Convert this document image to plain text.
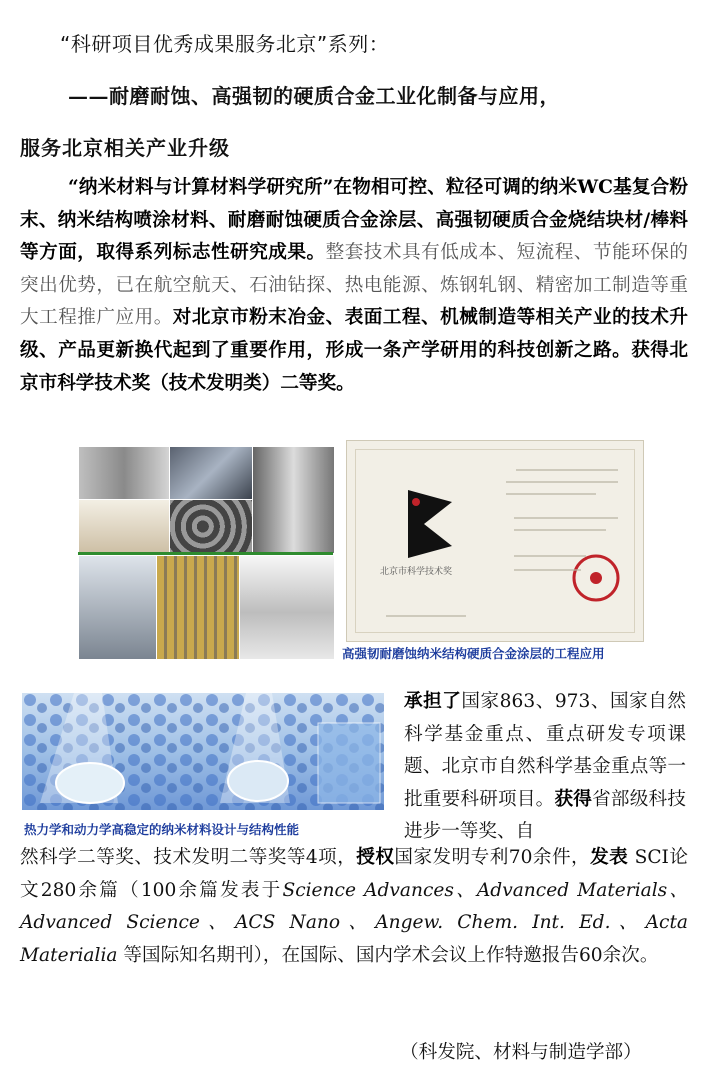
“科研项目优秀成果服务北京”系列：
——耐磨耐蚀、高强韧的硬质合金工业化制备与应用，
服务北京相关产业升级
“纳米材料与计算材料学研究所”在物相可控、粒径可调的纳米WC基复合粉末、纳米结构喷涂材料、耐磨耐蚀硬质合金涂层、高强韧硬质合金烧结块材/棒料等方面，取得系列标志性研究成果。整套技术具有低成本、短流程、节能环保的突出优势，已在航空航天、石油钻探、热电能源、炼钢轧钢、精密加工制造等重大工程推广应用。对北京市粉末冶金、表面工程、机械制造等相关产业的技术升级、产品更新换代起到了重要作用，形成一条产学研用的科技创新之路。获得北京市科学技术奖（技术发明类）二等奖。
北京市科学技术奖
高强韧耐磨蚀纳米结构硬质合金涂层的工程应用
热力学和动力学高稳定的纳米材料设计与结构性能
承担了国家863、973、国家自然科学基金重点、重点研发专项课题、北京市自然科学基金重点等一批重要科研项目。获得省部级科技进步一等奖、自
然科学二等奖、技术发明二等奖等4项，授权国家发明专利70余件，发表 SCI论文280余篇（100余篇发表于Science Advances、Advanced Materials、Advanced Science、ACS Nano、Angew. Chem. Int. Ed.、Acta Materialia 等国际知名期刊），在国际、国内学术会议上作特邀报告60余次。
（科发院、材料与制造学部）
